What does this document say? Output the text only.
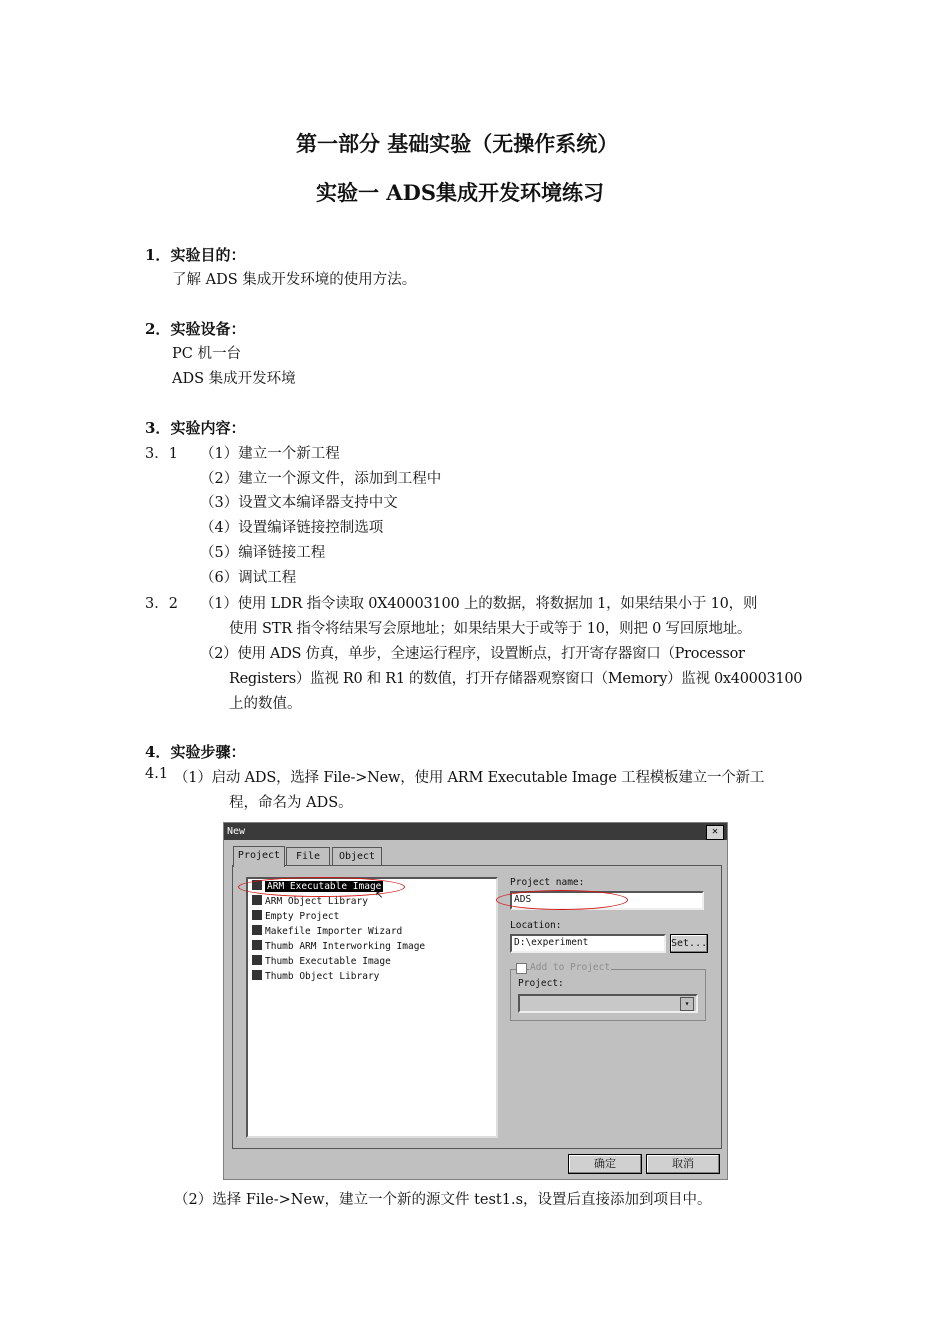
第一部分 基础实验（无操作系统）
实验一 ADS集成开发环境练习
1．实验目的：
了解 ADS 集成开发环境的使用方法。
2．实验设备：
PC 机一台
ADS 集成开发环境
3．实验内容：
3．1 （1）建立一个新工程
（2）建立一个源文件，添加到工程中
（3）设置文本编译器支持中文
（4）设置编译链接控制选项
（5）编译链接工程
（6）调试工程
3．2 （1）使用 LDR 指令读取 0X40003100 上的数据，将数据加 1，如果结果小于 10，则
使用 STR 指令将结果写会原地址；如果结果大于或等于 10，则把 0 写回原地址。
（2）使用 ADS 仿真，单步，全速运行程序，设置断点，打开寄存器窗口（Processor
Registers）监视 R0 和 R1 的数值，打开存储器观察窗口（Memory）监视 0x40003100
上的数值。
4．实验步骤：
4.1 （1）启动 ADS，选择 File->New，使用 ARM Executable Image 工程模板建立一个新工
程，命名为 ADS。
New	✕
Project	File	Object
ARM Executable Image
ARM Object Library
Empty Project
Makefile Importer Wizard
Thumb ARM Interworking Image
Thumb Executable Image
Thumb Object Library
Project name:
ADS
Location:
D:\experiment	Set...
Add to Project
Project:
▾
确定	取消
↖
（2）选择 File->New，建立一个新的源文件 test1.s，设置后直接添加到项目中。
